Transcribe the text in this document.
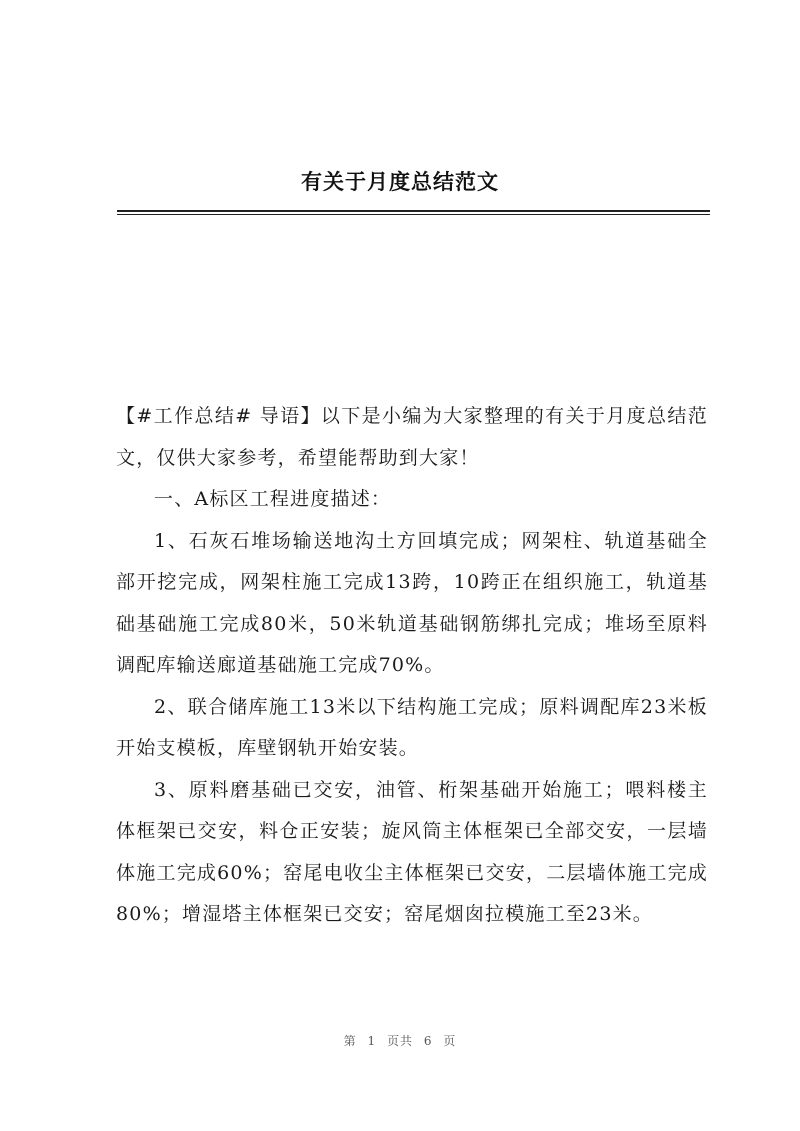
有关于月度总结范文

【#工作总结# 导语】以下是小编为大家整理的有关于月度总结范文，仅供大家参考，希望能帮助到大家！

一、A标区工程进度描述：

1、石灰石堆场输送地沟土方回填完成；网架柱、轨道基础全部开挖完成，网架柱施工完成13跨，10跨正在组织施工，轨道基础基础施工完成80米，50米轨道基础钢筋绑扎完成；堆场至原料调配库输送廊道基础施工完成70%。

2、联合储库施工13米以下结构施工完成；原料调配库23米板开始支模板，库壁钢轨开始安装。

3、原料磨基础已交安，油管、桁架基础开始施工；喂料楼主体框架已交安，料仓正安装；旋风筒主体框架已全部交安，一层墙体施工完成60%；窑尾电收尘主体框架已交安，二层墙体施工完成80%；增湿塔主体框架已交安；窑尾烟囱拉模施工至23米。

第 1 页共 6 页
